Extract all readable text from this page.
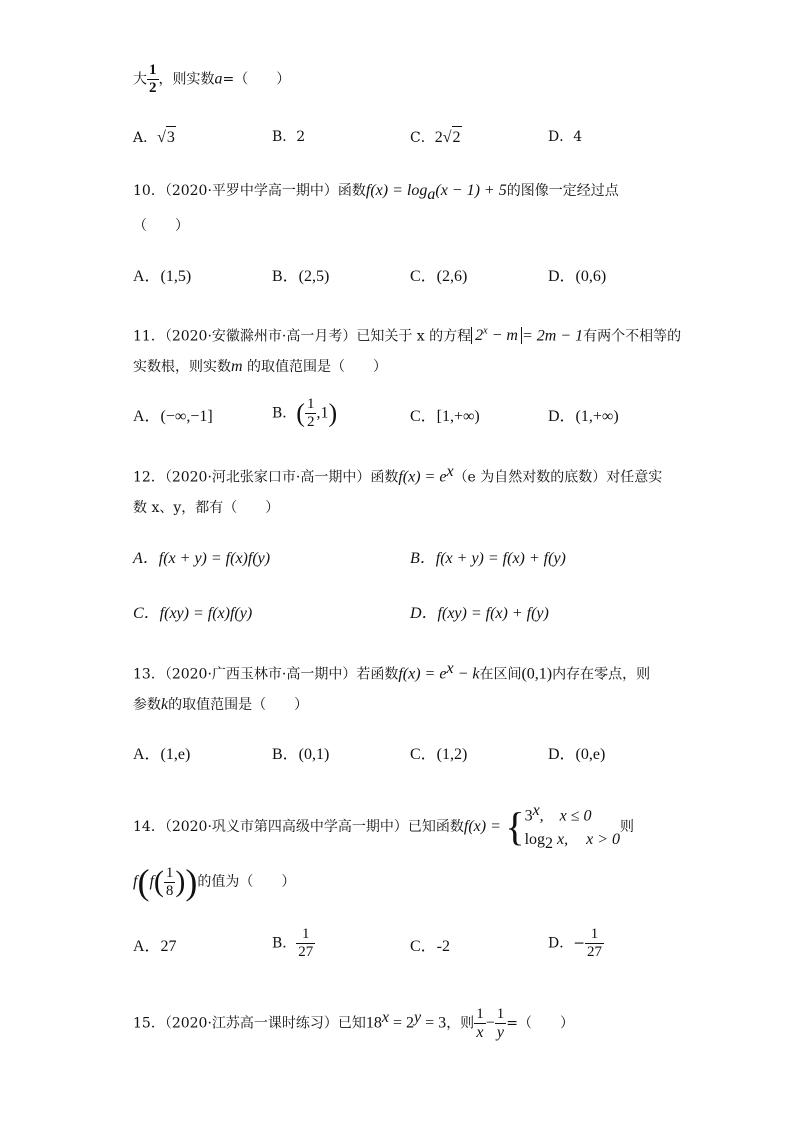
大 $\frac{1}{2}$ ，则实数a=（　　）
A．√3	B．2	C．2√2	D．4
10．（2020·平罗中学高一期中）函数$f(x) = \log_a(x - 1) + 5$的图像一定经过点
（　　）
A．(1,5)	B．(2,5)	C．(2,6)	D．(0,6)
11．（2020·安徽滁州市·高一月考）已知关于 x 的方程 $2^x - m = 2m - 1$有两个不相等的
实数根，则实数m 的取值范围是（　　）
A．(−∞,−1]	B．( $\frac{1}{2} ,1$)	C．[1,+∞)	D．(1,+∞)
12．（2020·河北张家口市·高一期中）函数$f(x) = e^x(e$ 为自然对数的底数）对任意实
数 x、y，都有（　　）
A．f(x + y) = f(x)f(y)	B．f(x + y) = f(x) + f(y)
C．f(xy) = f(x)f(y)	D．f(xy) = f(x) + f(y)
13．（2020·广西玉林市·高一期中）若函数$f(x) = e^x - k$在区间(0,1)内存在零点，则
参数k的取值范围是（　　）
A．(1,e)	B．(0,1)	C．(1,2)	D．(0,e)
14．（2020·巩义市第四高级中学高一期中）已知函数f(x) = { 3$^x$,　x ≤ 0
$\log_2 x$, x > 0
则
$f(f( \frac{1}{8}$ ))的值为（　　）
A．27	B． $\frac{1}{27}$	C．-2	D．− $\frac{1}{27}$
15．（2020·江苏高一课时练习）已知$18^x = 2^y = 3$，则 $\frac{1}{x} - \frac{1}{y}$ =（　　）
